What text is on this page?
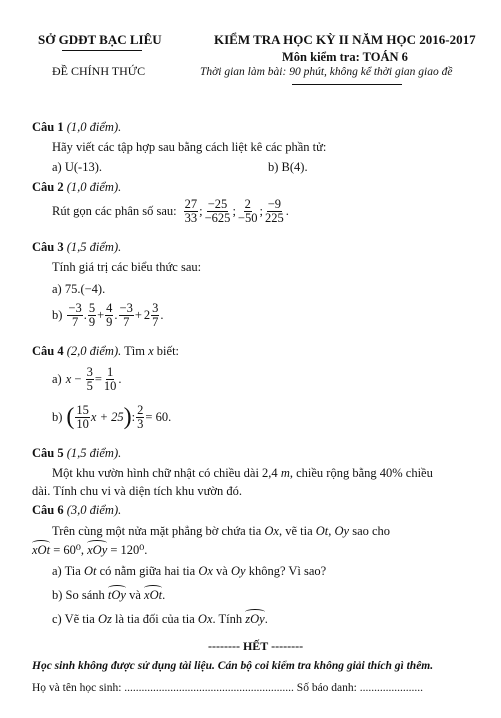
SỞ GDĐT BẠC LIÊU
ĐỀ CHÍNH THỨC
KIỂM TRA HỌC KỲ II NĂM HỌC 2016-2017
Môn kiểm tra: TOÁN 6
Thời gian làm bài: 90 phút, không kể thời gian giao đề
Câu 1 (1,0 điểm).
Hãy viết các tập hợp sau bằng cách liệt kê các phần tử:
a) U(-13).	b) B(4).
Câu 2 (1,0 điểm).
Rút gọn các phân số sau: $\frac{27}{33}$ ; $\frac{-25}{-625}$ ; $\frac{2}{-50}$ ; $\frac{-9}{225}$ .
Câu 3 (1,5 điểm).
Tính giá trị các biểu thức sau:
a) 75.(−4).
$b) \frac{-3}{7}$ . $\frac{5}{9} + \frac{4}{9}$ . $\frac{-3}{7} + 2 \frac{3}{7}$ .
Câu 4 (2,0 điểm). Tìm x biết:
a) $x - \frac{3}{5} = \frac{1}{10}$ .
b) ( $\frac{15}{10}$ x + 25 ) : $\frac{2}{3} = 60$.
Câu 5 (1,5 điểm).
Một khu vườn hình chữ nhật có chiều dài 2,4 m, chiều rộng bằng 40% chiều
dài. Tính chu vi và diện tích khu vườn đó.
Câu 6 (3,0 điểm).
Trên cùng một nửa mặt phẳng bờ chứa tia Ox, vẽ tia Ot, Oy sao cho
xOt = 60⁰, xOy = 120⁰.
a) Tia Ot có nằm giữa hai tia Ox và Oy không? Vì sao?
b) So sánh tOy và xOt.
c) Vẽ tia Oz là tia đối của tia Ox. Tính zOy.
-------- HẾT --------
Học sinh không được sử dụng tài liệu. Cán bộ coi kiểm tra không giải thích gì thêm.
Họ và tên học sinh: ........................................................... Số báo danh: ......................
